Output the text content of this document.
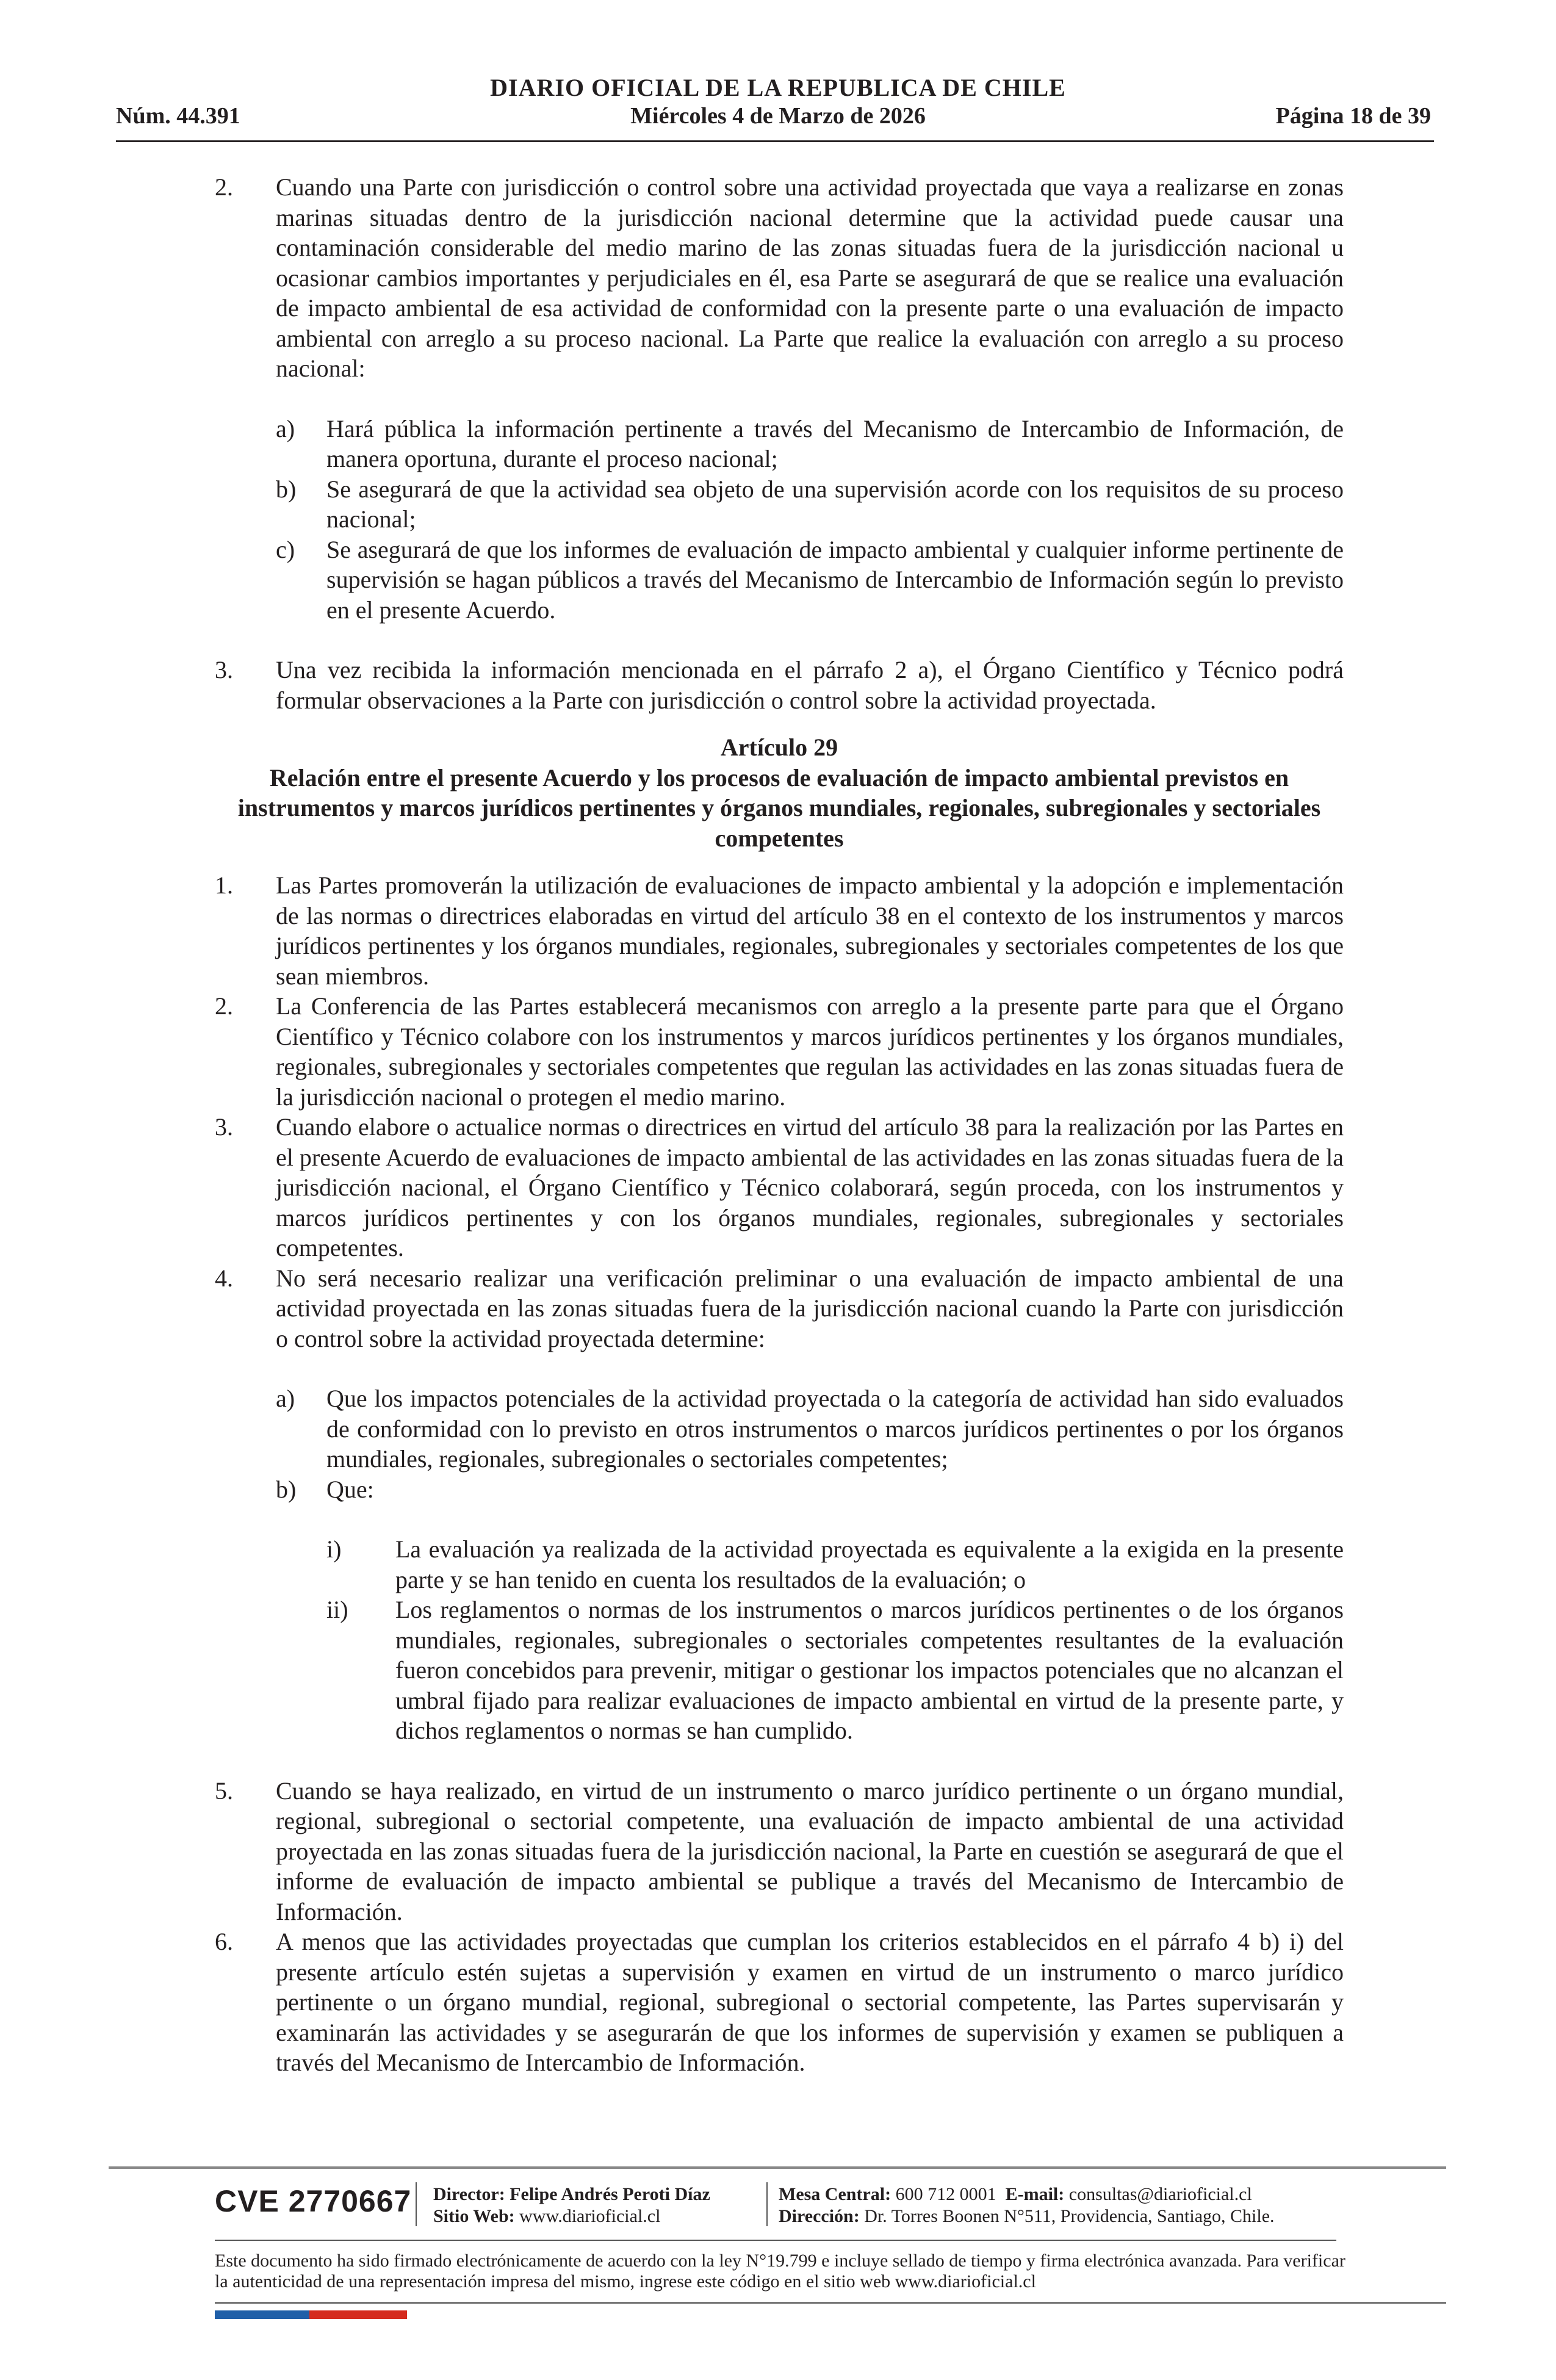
DIARIO OFICIAL DE LA REPUBLICA DE CHILE
Núm. 44.391	Miércoles 4 de Marzo de 2026	Página 18 de 39
2. Cuando una Parte con jurisdicción o control sobre una actividad proyectada que vaya a realizarse en zonas marinas situadas dentro de la jurisdicción nacional determine que la actividad puede causar una contaminación considerable del medio marino de las zonas situadas fuera de la jurisdicción nacional u ocasionar cambios importantes y perjudiciales en él, esa Parte se asegurará de que se realice una evaluación de impacto ambiental de esa actividad de conformidad con la presente parte o una evaluación de impacto ambiental con arreglo a su proceso nacional. La Parte que realice la evaluación con arreglo a su proceso nacional:
a) Hará pública la información pertinente a través del Mecanismo de Intercambio de Información, de manera oportuna, durante el proceso nacional;
b) Se asegurará de que la actividad sea objeto de una supervisión acorde con los requisitos de su proceso nacional;
c) Se asegurará de que los informes de evaluación de impacto ambiental y cualquier informe pertinente de supervisión se hagan públicos a través del Mecanismo de Intercambio de Información según lo previsto en el presente Acuerdo.
3. Una vez recibida la información mencionada en el párrafo 2 a), el Órgano Científico y Técnico podrá formular observaciones a la Parte con jurisdicción o control sobre la actividad proyectada.
Artículo 29
Relación entre el presente Acuerdo y los procesos de evaluación de impacto ambiental previstos en instrumentos y marcos jurídicos pertinentes y órganos mundiales, regionales, subregionales y sectoriales competentes
1. Las Partes promoverán la utilización de evaluaciones de impacto ambiental y la adopción e implementación de las normas o directrices elaboradas en virtud del artículo 38 en el contexto de los instrumentos y marcos jurídicos pertinentes y los órganos mundiales, regionales, subregionales y sectoriales competentes de los que sean miembros.
2. La Conferencia de las Partes establecerá mecanismos con arreglo a la presente parte para que el Órgano Científico y Técnico colabore con los instrumentos y marcos jurídicos pertinentes y los órganos mundiales, regionales, subregionales y sectoriales competentes que regulan las actividades en las zonas situadas fuera de la jurisdicción nacional o protegen el medio marino.
3. Cuando elabore o actualice normas o directrices en virtud del artículo 38 para la realización por las Partes en el presente Acuerdo de evaluaciones de impacto ambiental de las actividades en las zonas situadas fuera de la jurisdicción nacional, el Órgano Científico y Técnico colaborará, según proceda, con los instrumentos y marcos jurídicos pertinentes y con los órganos mundiales, regionales, subregionales y sectoriales competentes.
4. No será necesario realizar una verificación preliminar o una evaluación de impacto ambiental de una actividad proyectada en las zonas situadas fuera de la jurisdicción nacional cuando la Parte con jurisdicción o control sobre la actividad proyectada determine:
a) Que los impactos potenciales de la actividad proyectada o la categoría de actividad han sido evaluados de conformidad con lo previsto en otros instrumentos o marcos jurídicos pertinentes o por los órganos mundiales, regionales, subregionales o sectoriales competentes;
b) Que:
i) La evaluación ya realizada de la actividad proyectada es equivalente a la exigida en la presente parte y se han tenido en cuenta los resultados de la evaluación; o
ii) Los reglamentos o normas de los instrumentos o marcos jurídicos pertinentes o de los órganos mundiales, regionales, subregionales o sectoriales competentes resultantes de la evaluación fueron concebidos para prevenir, mitigar o gestionar los impactos potenciales que no alcanzan el umbral fijado para realizar evaluaciones de impacto ambiental en virtud de la presente parte, y dichos reglamentos o normas se han cumplido.
5. Cuando se haya realizado, en virtud de un instrumento o marco jurídico pertinente o un órgano mundial, regional, subregional o sectorial competente, una evaluación de impacto ambiental de una actividad proyectada en las zonas situadas fuera de la jurisdicción nacional, la Parte en cuestión se asegurará de que el informe de evaluación de impacto ambiental se publique a través del Mecanismo de Intercambio de Información.
6. A menos que las actividades proyectadas que cumplan los criterios establecidos en el párrafo 4 b) i) del presente artículo estén sujetas a supervisión y examen en virtud de un instrumento o marco jurídico pertinente o un órgano mundial, regional, subregional o sectorial competente, las Partes supervisarán y examinarán las actividades y se asegurarán de que los informes de supervisión y examen se publiquen a través del Mecanismo de Intercambio de Información.
CVE 2770667 Director: Felipe Andrés Peroti Díaz
Sitio Web: www.diarioficial.cl
Mesa Central: 600 712 0001 E-mail: consultas@diarioficial.cl
Dirección: Dr. Torres Boonen N°511, Providencia, Santiago, Chile.
Este documento ha sido firmado electrónicamente de acuerdo con la ley N°19.799 e incluye sellado de tiempo y firma electrónica avanzada. Para verificar la autenticidad de una representación impresa del mismo, ingrese este código en el sitio web www.diarioficial.cl
